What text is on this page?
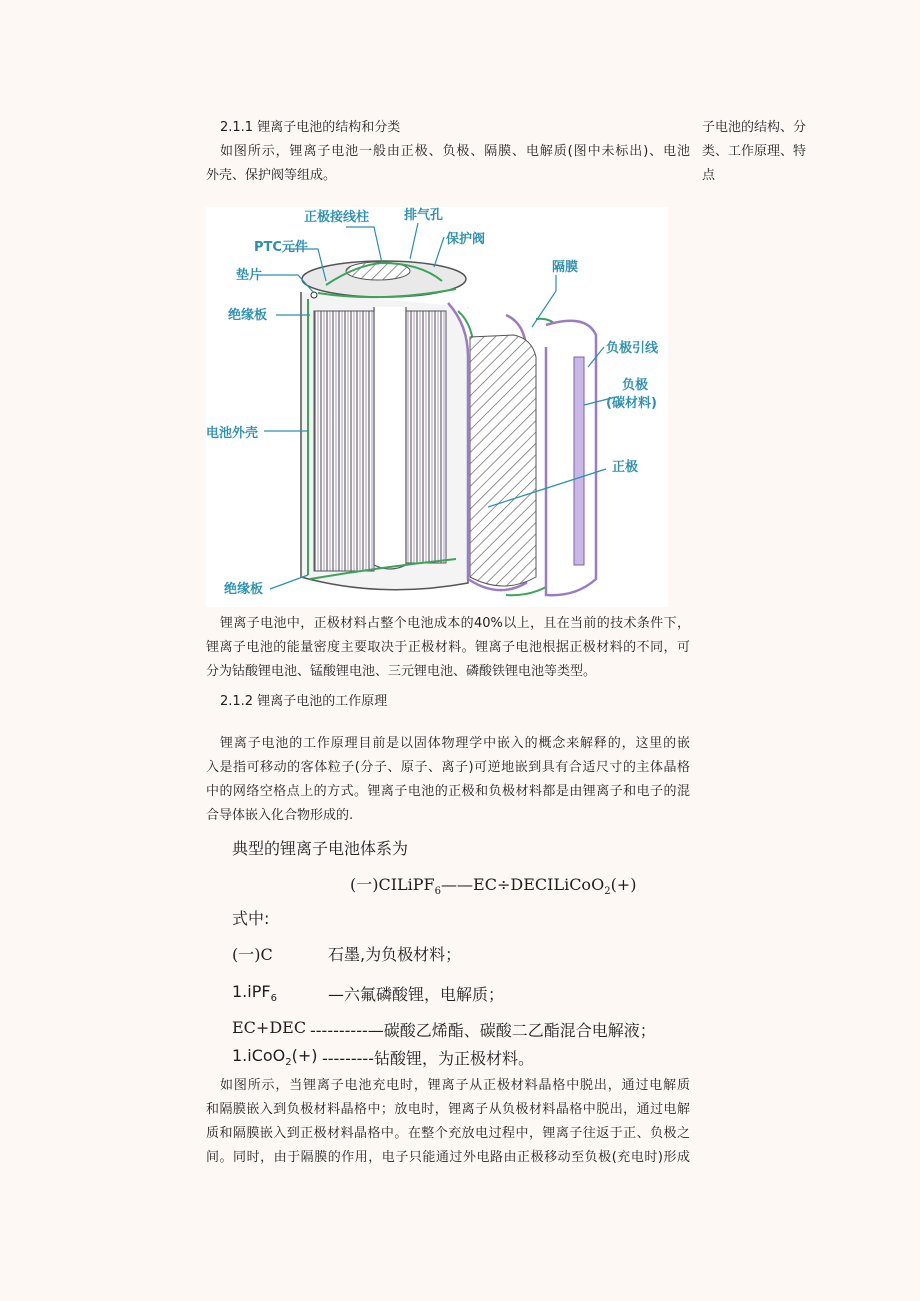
2.1.1 锂离子电池的结构和分类
如图所示，锂离子电池一般由正极、负极、隔膜、电解质(图中未标出)、电池
外壳、保护阀等组成。
子电池的结构、分
类、工作原理、特
点
正极接线柱	排气孔
保护阀
PTC元件
垫片
隔膜
绝缘板
负极引线
负极
(碳材料)
电池外壳
正极
绝缘板
锂离子电池中，正极材料占整个电池成本的40%以上，且在当前的技术条件下，
锂离子电池的能量密度主要取决于正极材料。锂离子电池根据正极材料的不同，可
分为钴酸锂电池、锰酸锂电池、三元锂电池、磷酸铁锂电池等类型。
2.1.2 锂离子电池的工作原理
锂离子电池的工作原理目前是以固体物理学中嵌入的概念来解释的，这里的嵌
入是指可移动的客体粒子(分子、原子、离子)可逆地嵌到具有合适尺寸的主体晶格
中的网络空格点上的方式。锂离子电池的正极和负极材料都是由锂离子和电子的混
合导体嵌入化合物形成的.
典型的锂离子电池体系为
(一)CILiPF$_6$——EC÷DECILiCoO$_2$(+)
式中:
(一)C	石墨,为负极材料；
1.iPF$_6$	—六氟磷酸锂，电解质；
EC+DEC ----------—碳酸乙烯酯、碳酸二乙酯混合电解液；
1.iCoO$_2$(+) ---------钻酸锂，为正极材料。
如图所示，当锂离子电池充电时，锂离子从正极材料晶格中脱出，通过电解质
和隔膜嵌入到负极材料晶格中；放电时，锂离子从负极材料晶格中脱出，通过电解
质和隔膜嵌入到正极材料晶格中。在整个充放电过程中，锂离子往返于正、负极之
间。同时，由于隔膜的作用，电子只能通过外电路由正极移动至负极(充电时)形成
